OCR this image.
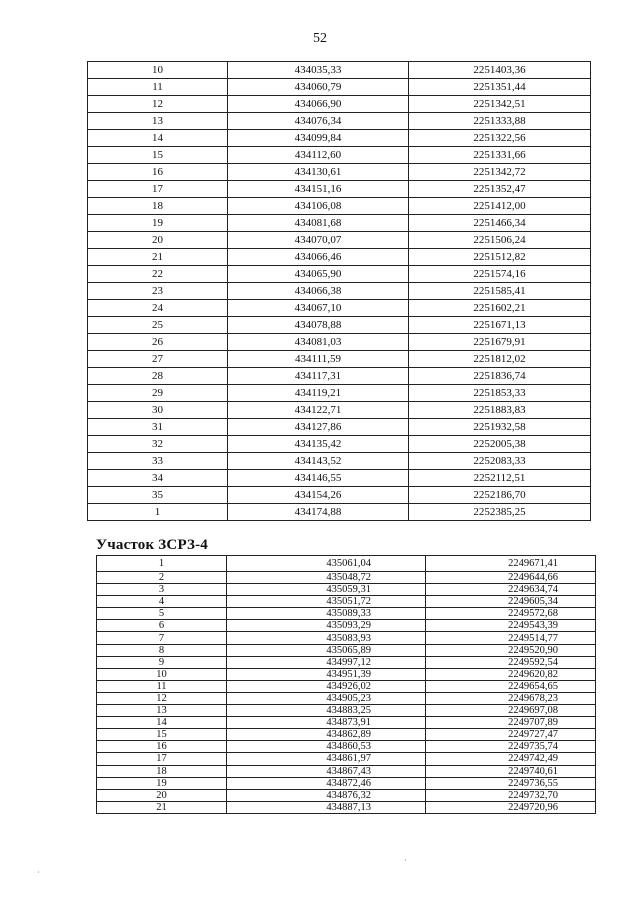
52
10	434035,33	2251403,36
11	434060,79	2251351,44
12	434066,90	2251342,51
13	434076,34	2251333,88
14	434099,84	2251322,56
15	434112,60	2251331,66
16	434130,61	2251342,72
17	434151,16	2251352,47
18	434106,08	2251412,00
19	434081,68	2251466,34
20	434070,07	2251506,24
21	434066,46	2251512,82
22	434065,90	2251574,16
23	434066,38	2251585,41
24	434067,10	2251602,21
25	434078,88	2251671,13
26	434081,03	2251679,91
27	434111,59	2251812,02
28	434117,31	2251836,74
29	434119,21	2251853,33
30	434122,71	2251883,83
31	434127,86	2251932,58
32	434135,42	2252005,38
33	434143,52	2252083,33
34	434146,55	2252112,51
35	434154,26	2252186,70
1	434174,88	2252385,25
Участок ЗСРЗ-4
1	435061,04	2249671,41
2	435048,72	2249644,66
3	435059,31	2249634,74
4	435051,72	2249605,34
5	435089,33	2249572,68
6	435093,29	2249543,39
7	435083,93	2249514,77
8	435065,89	2249520,90
9	434997,12	2249592,54
10	434951,39	2249620,82
11	434926,02	2249654,65
12	434905,23	2249678,23
13	434883,25	2249697,08
14	434873,91	2249707,89
15	434862,89	2249727,47
16	434860,53	2249735,74
17	434861,97	2249742,49
18	434867,43	2249740,61
19	434872,46	2249736,55
20	434876,32	2249732,70
21	434887,13	2249720,96
·
·
